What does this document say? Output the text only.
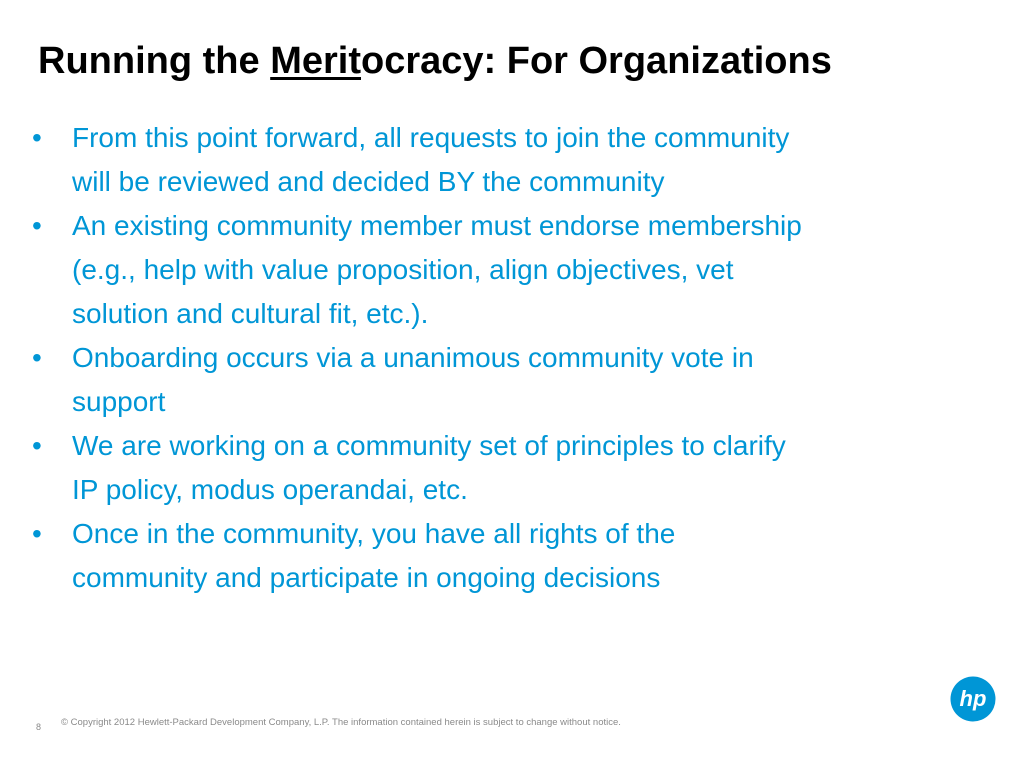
Running the Meritocracy: For Organizations
• From this point forward, all requests to join the community
will be reviewed and decided BY the community
• An existing community member must endorse membership
(e.g., help with value proposition, align objectives, vet
solution and cultural fit, etc.).
• Onboarding occurs via a unanimous community vote in
support
• We are working on a community set of principles to clarify
IP policy, modus operandai, etc.
• Once in the community, you have all rights of the
community and participate in ongoing decisions
8 © Copyright 2012 Hewlett-Packard Development Company, L.P. The information contained herein is subject to change without notice.
hp
